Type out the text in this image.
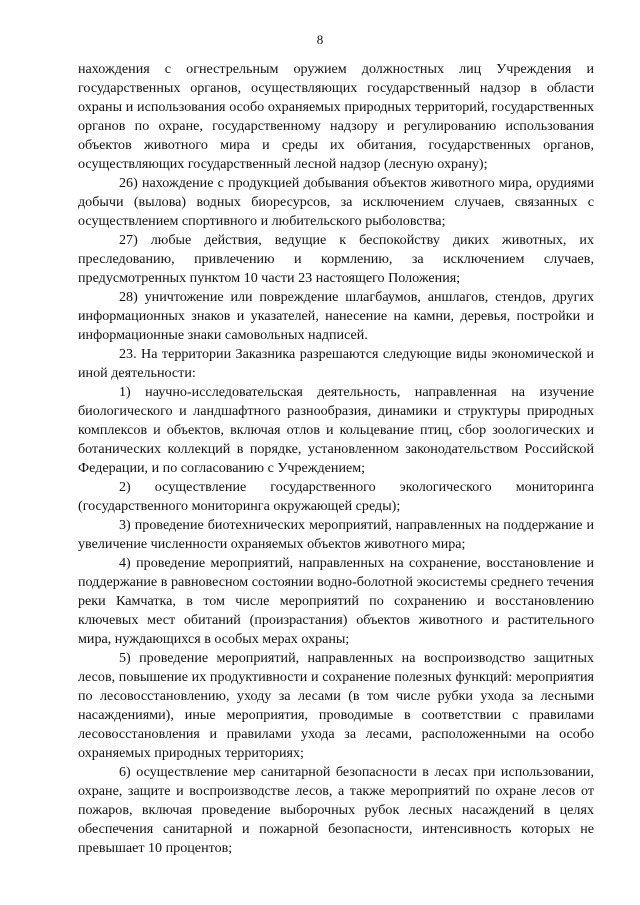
8

нахождения с огнестрельным оружием должностных лиц Учреждения и государственных органов, осуществляющих государственный надзор в области охраны и использования особо охраняемых природных территорий, государственных органов по охране, государственному надзору и регулированию использования объектов животного мира и среды их обитания, государственных органов, осуществляющих государственный лесной надзор (лесную охрану);

26) нахождение с продукцией добывания объектов животного мира, орудиями добычи (вылова) водных биоресурсов, за исключением случаев, связанных с осуществлением спортивного и любительского рыболовства;

27) любые действия, ведущие к беспокойству диких животных, их преследованию, привлечению и кормлению, за исключением случаев, предусмотренных пунктом 10 части 23 настоящего Положения;

28) уничтожение или повреждение шлагбаумов, аншлагов, стендов, других информационных знаков и указателей, нанесение на камни, деревья, постройки и информационные знаки самовольных надписей.

23. На территории Заказника разрешаются следующие виды экономической и иной деятельности:

1) научно-исследовательская деятельность, направленная на изучение биологического и ландшафтного разнообразия, динамики и структуры природных комплексов и объектов, включая отлов и кольцевание птиц, сбор зоологических и ботанических коллекций в порядке, установленном законодательством Российской Федерации, и по согласованию с Учреждением;

2) осуществление государственного экологического мониторинга (государственного мониторинга окружающей среды);

3) проведение биотехнических мероприятий, направленных на поддержание и увеличение численности охраняемых объектов животного мира;

4) проведение мероприятий, направленных на сохранение, восстановление и поддержание в равновесном состоянии водно-болотной экосистемы среднего течения реки Камчатка, в том числе мероприятий по сохранению и восстановлению ключевых мест обитаний (произрастания) объектов животного и растительного мира, нуждающихся в особых мерах охраны;

5) проведение мероприятий, направленных на воспроизводство защитных лесов, повышение их продуктивности и сохранение полезных функций: мероприятия по лесовосстановлению, уходу за лесами (в том числе рубки ухода за лесными насаждениями), иные мероприятия, проводимые в соответствии с правилами лесовосстановления и правилами ухода за лесами, расположенными на особо охраняемых природных территориях;

6) осуществление мер санитарной безопасности в лесах при использовании, охране, защите и воспроизводстве лесов, а также мероприятий по охране лесов от пожаров, включая проведение выборочных рубок лесных насаждений в целях обеспечения санитарной и пожарной безопасности, интенсивность которых не превышает 10 процентов;
